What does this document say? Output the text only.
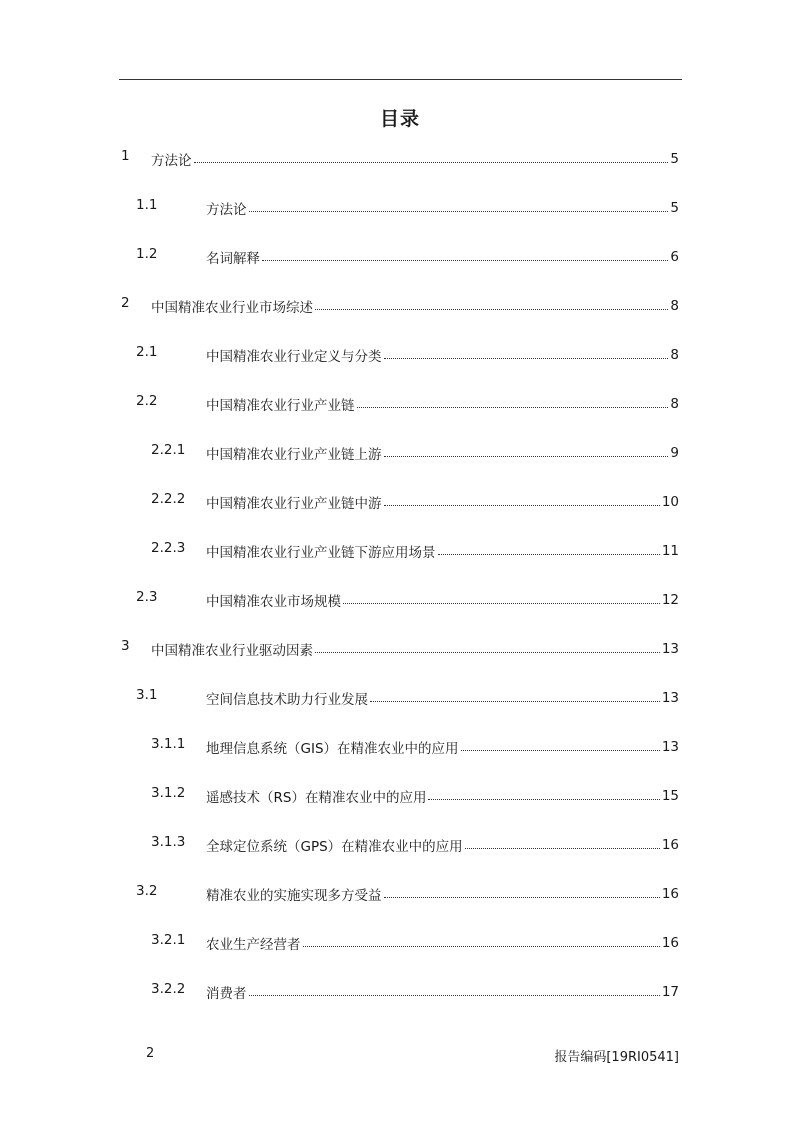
目录
1 方法论	5
1.1	方法论	5
1.2	名词解释	6
2 中国精准农业行业市场综述	8
2.1	中国精准农业行业定义与分类	8
2.2	中国精准农业行业产业链	8
2.2.1 中国精准农业行业产业链上游	9
2.2.2 中国精准农业行业产业链中游	10
2.2.3 中国精准农业行业产业链下游应用场景	11
2.3	中国精准农业市场规模	12
3 中国精准农业行业驱动因素	13
3.1	空间信息技术助力行业发展	13
3.1.1 地理信息系统（GIS）在精准农业中的应用	13
3.1.2 遥感技术（RS）在精准农业中的应用	15
3.1.3 全球定位系统（GPS）在精准农业中的应用	16
3.2	精准农业的实施实现多方受益	16
3.2.1 农业生产经营者	16
3.2.2 消费者	17
2	报告编码[19RI0541]
